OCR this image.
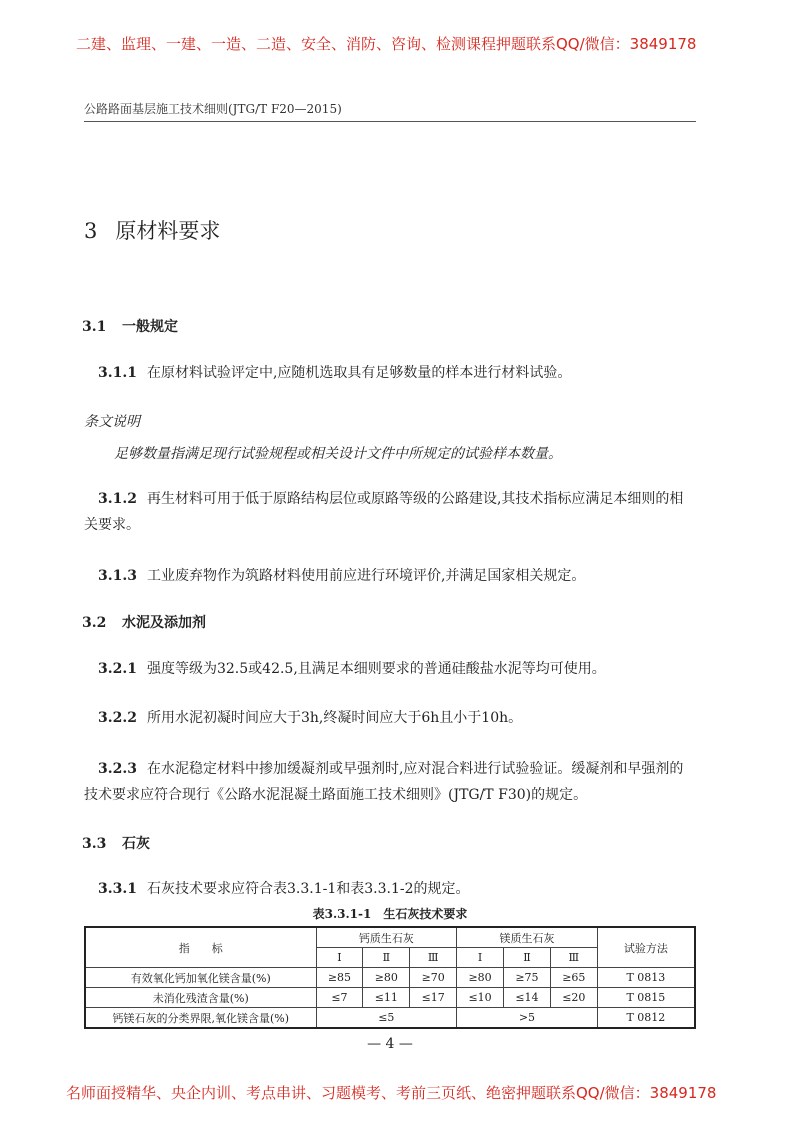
二建、监理、一建、一造、二造、安全、消防、咨询、检测课程押题联系QQ/微信：3849178
公路路面基层施工技术细则(JTG/T F20—2015)
3 原材料要求
3.1 一般规定
3.1.1 在原材料试验评定中,应随机选取具有足够数量的样本进行材料试验。
条文说明
足够数量指满足现行试验规程或相关设计文件中所规定的试验样本数量。
3.1.2 再生材料可用于低于原路结构层位或原路等级的公路建设,其技术指标应满足本细则的相关要求。
3.1.3 工业废弃物作为筑路材料使用前应进行环境评价,并满足国家相关规定。
3.2 水泥及添加剂
3.2.1 强度等级为32.5或42.5,且满足本细则要求的普通硅酸盐水泥等均可使用。
3.2.2 所用水泥初凝时间应大于3h,终凝时间应大于6h且小于10h。
3.2.3 在水泥稳定材料中掺加缓凝剂或早强剂时,应对混合料进行试验验证。缓凝剂和早强剂的技术要求应符合现行《公路水泥混凝土路面施工技术细则》(JTG/T F30)的规定。
3.3 石灰
3.3.1 石灰技术要求应符合表3.3.1-1和表3.3.1-2的规定。
表3.3.1-1　生石灰技术要求
指　　标	钙质生石灰			镁质生石灰			试验方法
	Ⅰ	Ⅱ	Ⅲ	Ⅰ	Ⅱ	Ⅲ	
有效氧化钙加氧化镁含量(%)	≥85	≥80	≥70	≥80	≥75	≥65	T 0813
未消化残渣含量(%)	≤7	≤11	≤17	≤10	≤14	≤20	T 0815
钙镁石灰的分类界限,氧化镁含量(%)	≤5			>5			T 0812
— 4 —
名师面授精华、央企内训、考点串讲、习题模考、考前三页纸、绝密押题联系QQ/微信：3849178
